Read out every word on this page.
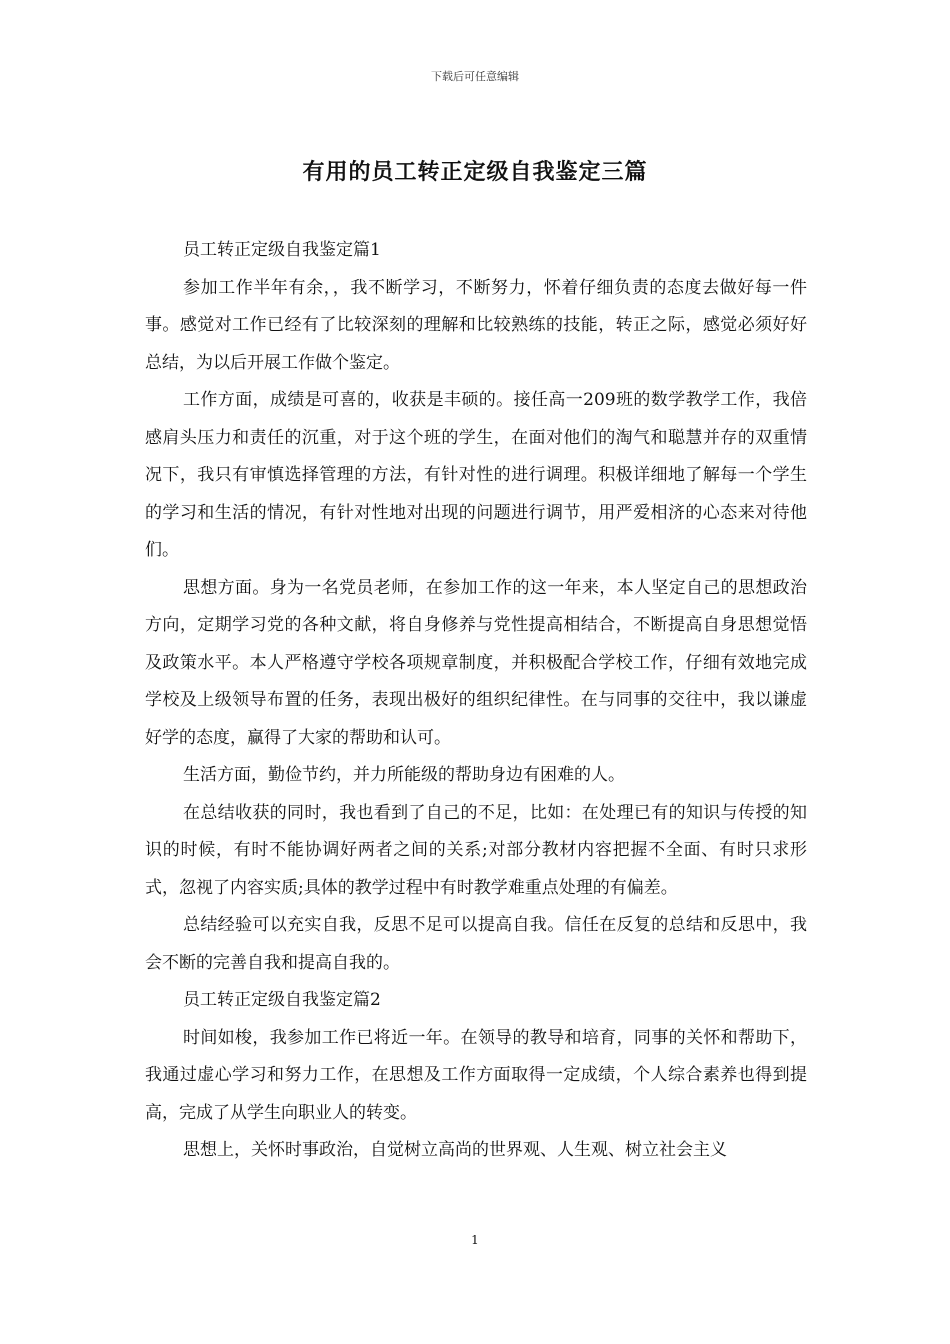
下载后可任意编辑
有用的员工转正定级自我鉴定三篇

员工转正定级自我鉴定篇1

参加工作半年有余，，我不断学习，不断努力，怀着仔细负责的态度去做好每一件事。感觉对工作已经有了比较深刻的理解和比较熟练的技能，转正之际，感觉必须好好总结，为以后开展工作做个鉴定。

工作方面，成绩是可喜的，收获是丰硕的。接任高一209班的数学教学工作，我倍感肩头压力和责任的沉重，对于这个班的学生，在面对他们的淘气和聪慧并存的双重情况下，我只有审慎选择管理的方法，有针对性的进行调理。积极详细地了解每一个学生的学习和生活的情况，有针对性地对出现的问题进行调节，用严爱相济的心态来对待他们。

思想方面。身为一名党员老师，在参加工作的这一年来，本人坚定自己的思想政治方向，定期学习党的各种文献，将自身修养与党性提高相结合，不断提高自身思想觉悟及政策水平。本人严格遵守学校各项规章制度，并积极配合学校工作，仔细有效地完成学校及上级领导布置的任务，表现出极好的组织纪律性。在与同事的交往中，我以谦虚好学的态度，赢得了大家的帮助和认可。

生活方面，勤俭节约，并力所能级的帮助身边有困难的人。

在总结收获的同时，我也看到了自己的不足，比如：在处理已有的知识与传授的知识的时候，有时不能协调好两者之间的关系;对部分教材内容把握不全面、有时只求形式，忽视了内容实质;具体的教学过程中有时教学难重点处理的有偏差。

总结经验可以充实自我，反思不足可以提高自我。信任在反复的总结和反思中，我会不断的完善自我和提高自我的。

员工转正定级自我鉴定篇2

时间如梭，我参加工作已将近一年。在领导的教导和培育，同事的关怀和帮助下，我通过虚心学习和努力工作，在思想及工作方面取得一定成绩，个人综合素养也得到提高，完成了从学生向职业人的转变。

思想上，关怀时事政治，自觉树立高尚的世界观、人生观、树立社会主义

1
